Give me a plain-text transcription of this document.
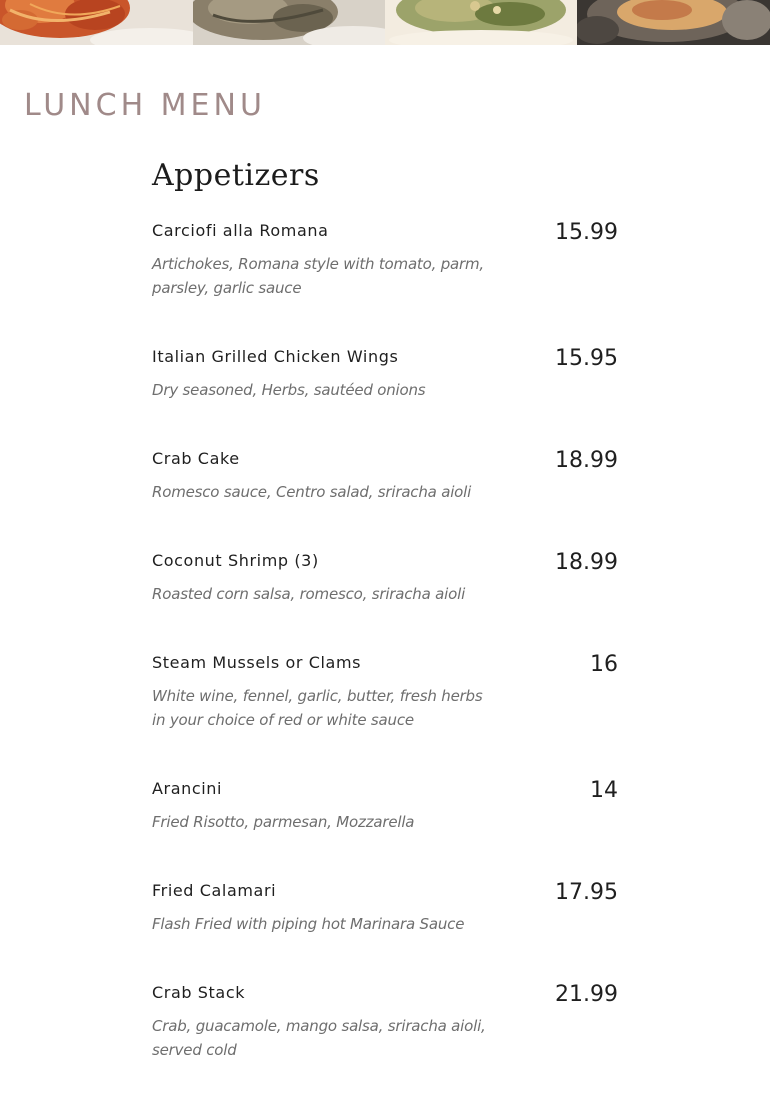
LUNCH MENU
Appetizers
Carciofi alla Romana	15.99
Artichokes, Romana style with tomato, parm, parsley, garlic sauce
Italian Grilled Chicken Wings	15.95
Dry seasoned, Herbs, sautéed onions
Crab Cake	18.99
Romesco sauce, Centro salad, sriracha aioli
Coconut Shrimp (3)	18.99
Roasted corn salsa, romesco, sriracha aioli
Steam Mussels or Clams	16
White wine, fennel, garlic, butter, fresh herbs in your choice of red or white sauce
Arancini	14
Fried Risotto, parmesan, Mozzarella
Fried Calamari	17.95
Flash Fried with piping hot Marinara Sauce
Crab Stack	21.99
Crab, guacamole, mango salsa, sriracha aioli, served cold
